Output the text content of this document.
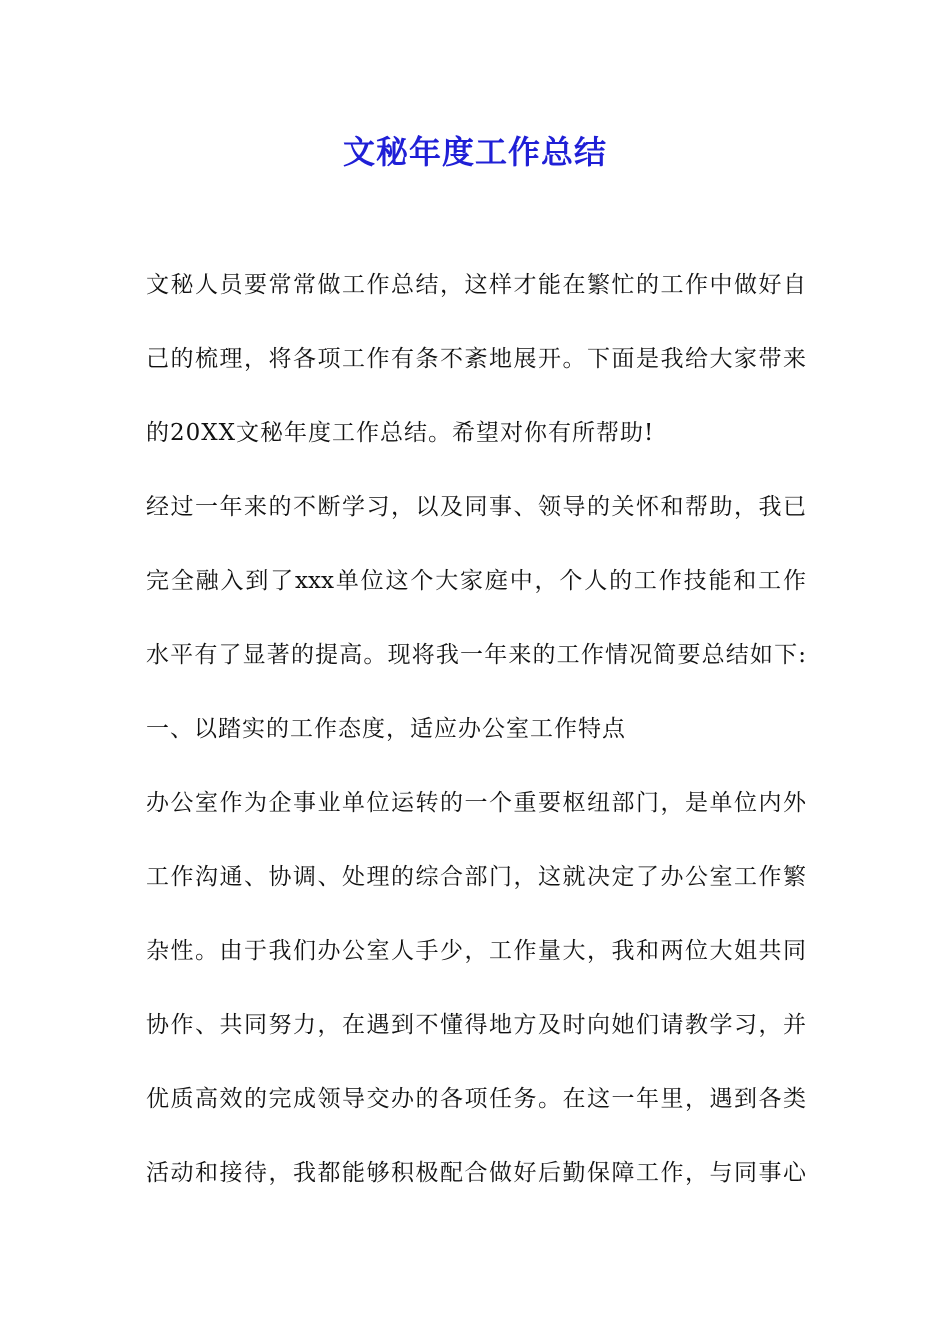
文秘年度工作总结
文秘人员要常常做工作总结，这样才能在繁忙的工作中做好自
己的梳理，将各项工作有条不紊地展开。下面是我给大家带来
的20XX文秘年度工作总结。希望对你有所帮助!
经过一年来的不断学习，以及同事、领导的关怀和帮助，我已
完全融入到了xxx单位这个大家庭中，个人的工作技能和工作
水平有了显著的提高。现将我一年来的工作情况简要总结如下:
一、以踏实的工作态度，适应办公室工作特点
办公室作为企事业单位运转的一个重要枢纽部门，是单位内外
工作沟通、协调、处理的综合部门，这就决定了办公室工作繁
杂性。由于我们办公室人手少，工作量大，我和两位大姐共同
协作、共同努力，在遇到不懂得地方及时向她们请教学习，并
优质高效的完成领导交办的各项任务。在这一年里，遇到各类
活动和接待，我都能够积极配合做好后勤保障工作，与同事心
